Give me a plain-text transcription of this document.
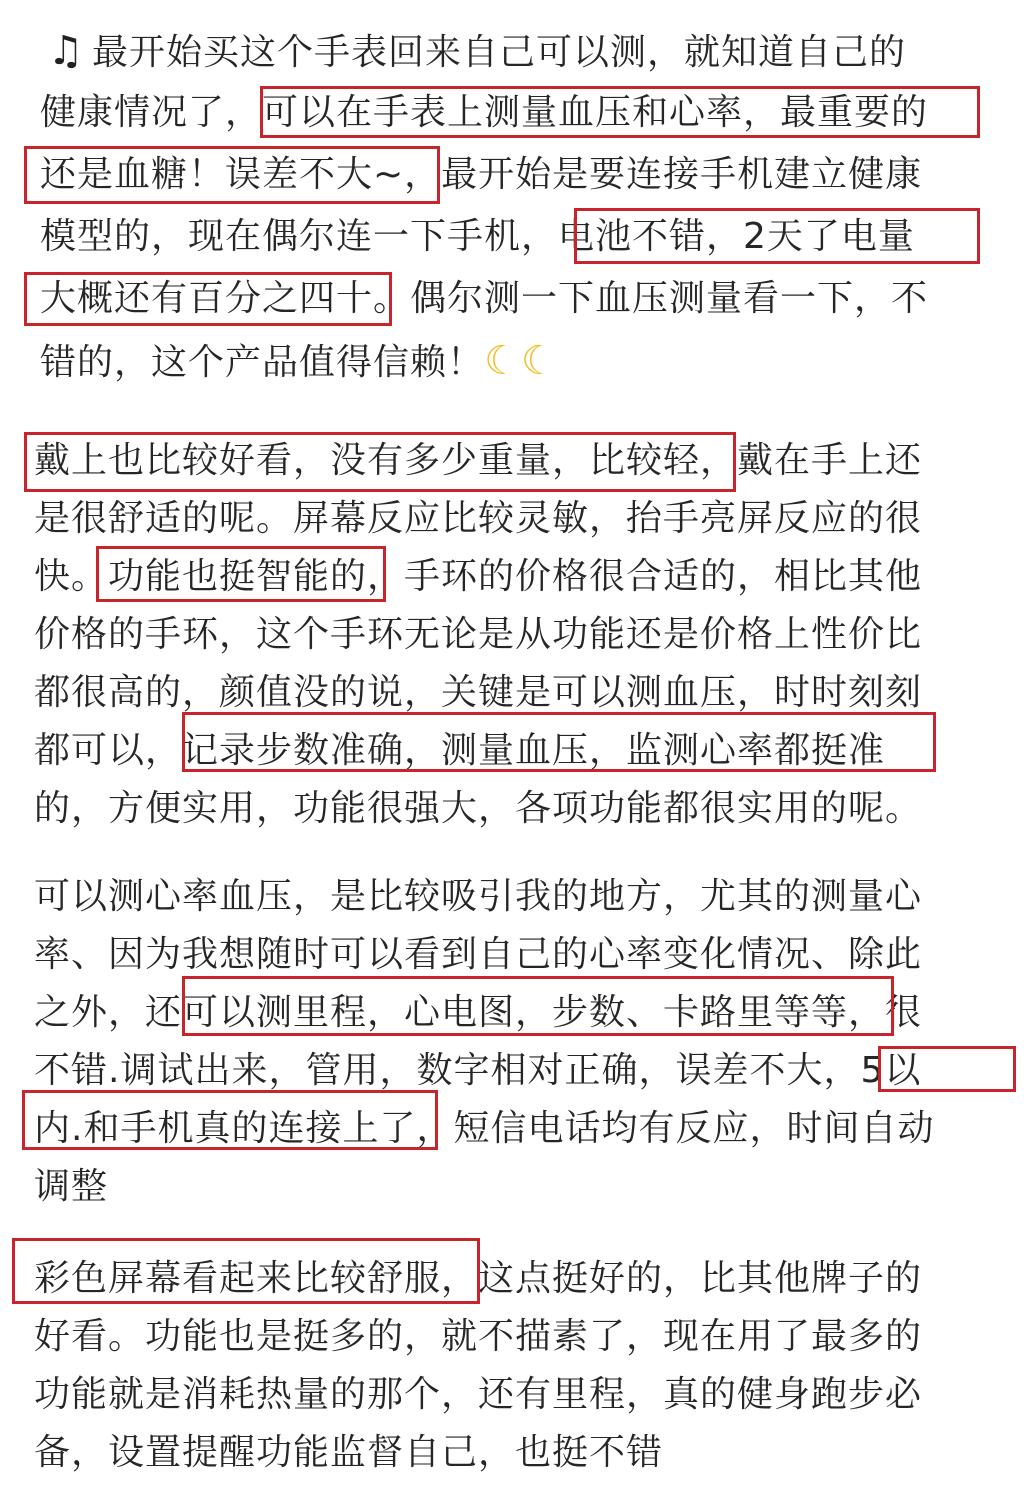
♫ 最开始买这个手表回来自己可以测，就知道自己的
健康情况了，可以在手表上测量血压和心率，最重要的
还是血糖！误差不大~，最开始是要连接手机建立健康
模型的，现在偶尔连一下手机，电池不错，2天了电量
大概还有百分之四十。偶尔测一下血压测量看一下，不
错的，这个产品值得信赖！☾☾
戴上也比较好看，没有多少重量，比较轻，戴在手上还
是很舒适的呢。屏幕反应比较灵敏，抬手亮屏反应的很
快。功能也挺智能的，手环的价格很合适的，相比其他
价格的手环，这个手环无论是从功能还是价格上性价比
都很高的，颜值没的说，关键是可以测血压，时时刻刻
都可以，记录步数准确，测量血压，监测心率都挺准
的，方便实用，功能很强大，各项功能都很实用的呢。
可以测心率血压，是比较吸引我的地方，尤其的测量心
率、因为我想随时可以看到自己的心率变化情况、除此
之外，还可以测里程，心电图，步数、卡路里等等，很
不错.调试出来，管用，数字相对正确，误差不大，5以
内.和手机真的连接上了，短信电话均有反应，时间自动
调整
彩色屏幕看起来比较舒服，这点挺好的，比其他牌子的
好看。功能也是挺多的，就不描素了，现在用了最多的
功能就是消耗热量的那个，还有里程，真的健身跑步必
备，设置提醒功能监督自己，也挺不错
